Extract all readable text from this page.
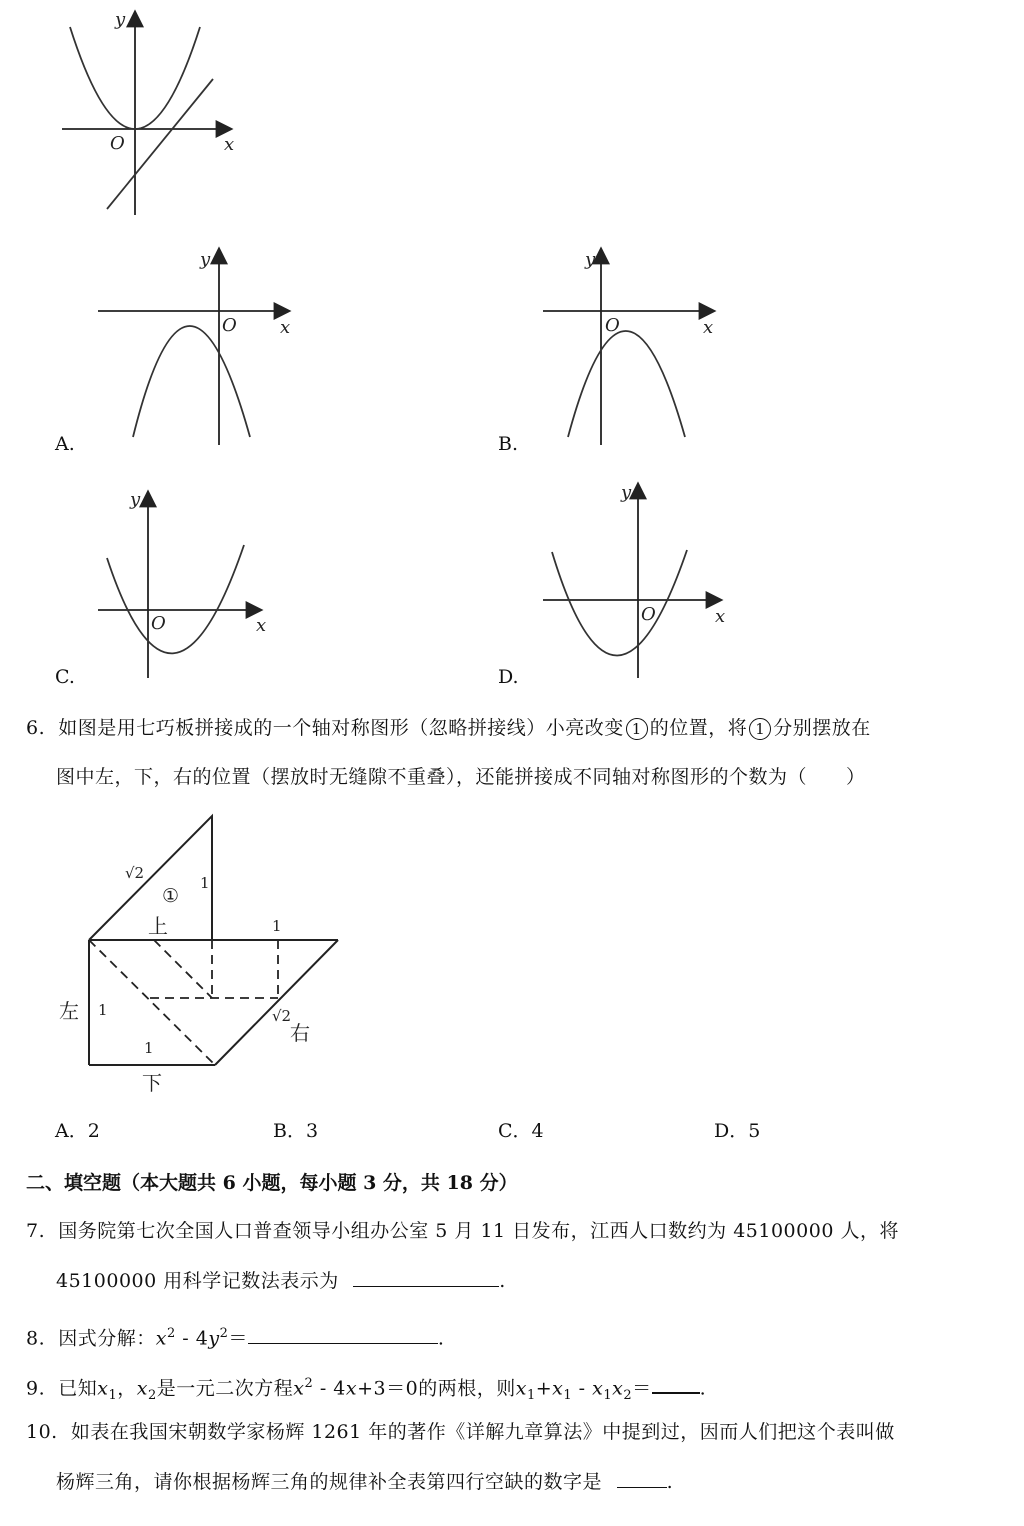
y
x
O
y
x
O
A.
y
x
O
B.
y
x
O
C.
y
x
O
D.
6. 如图是用七巧板拼接成的一个轴对称图形（忽略拼接线）小亮改变 1 的位置，将 1 分别摆放在
图中左，下，右的位置（摆放时无缝隙不重叠），还能拼接成不同轴对称图形的个数为（　　）
√2
①
1
上	1
左 1
1
下
√2
右
A．2	B．3	C．4	D．5
二、填空题（本大题共 6 小题，每小题 3 分，共 18 分）
7. 国务院第七次全国人口普查领导小组办公室 5 月 11 日发布，江西人口数约为 45100000 人，将
45100000 用科学记数法表示为	.
8. 因式分解：$x^2 - 4y^2=$	.
9. 已知$x_1$，$x_2$是一元二次方程$x^2 - 4x+3=0$的两根，则$x_1+x_1 - x_1x_2=$	.
10. 如表在我国宋朝数学家杨辉 1261 年的著作《详解九章算法》中提到过，因而人们把这个表叫做
杨辉三角，请你根据杨辉三角的规律补全表第四行空缺的数字是	.
